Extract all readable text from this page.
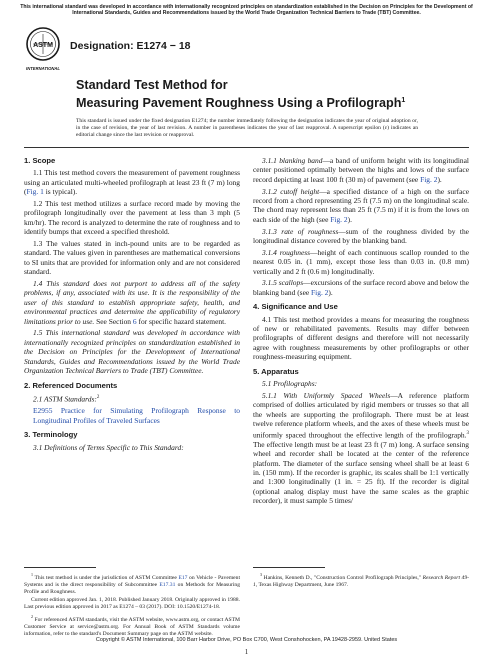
This international standard was developed in accordance with internationally recognized principles on standardization established in the Decision on Principles for the Development of International Standards, Guides and Recommendations issued by the World Trade Organization Technical Barriers to Trade (TBT) Committee.
ASTM
INTERNATIONAL
Designation: E1274 − 18
Standard Test Method for
Measuring Pavement Roughness Using a Profilograph$^1$
This standard is issued under the fixed designation E1274; the number immediately following the designation indicates the year of original adoption or, in the case of revision, the year of last revision. A number in parentheses indicates the year of last reapproval. A superscript epsilon (ε) indicates an editorial change since the last revision or reapproval.
1. Scope

1.1 This test method covers the measurement of pavement roughness using an articulated multi-wheeled profilograph at least 23 ft (7 m) long (Fig. 1 is typical).

1.2 This test method utilizes a surface record made by moving the profilograph longitudinally over the pavement at less than 3 mph (5 km/hr). The record is analyzed to determine the rate of roughness and to identify bumps that exceed a specified threshold.

1.3 The values stated in inch-pound units are to be regarded as standard. The values given in parentheses are mathematical conversions to SI units that are provided for information only and are not considered standard.

1.4 This standard does not purport to address all of the safety problems, if any, associated with its use. It is the responsibility of the user of this standard to establish appropriate safety, health, and environmental practices and determine the applicability of regulatory limitations prior to use. See Section 6 for specific hazard statement.

1.5 This international standard was developed in accordance with internationally recognized principles on standardization established in the Decision on Principles for the Development of International Standards, Guides and Recommendations issued by the World Trade Organization Technical Barriers to Trade (TBT) Committee.

2. Referenced Documents

2.1 ASTM Standards:$^2$

E2955 Practice for Simulating Profilograph Response to Longitudinal Profiles of Traveled Surfaces

3. Terminology

3.1 Definitions of Terms Specific to This Standard:

3.1.1 blanking band—a band of uniform height with its longitudinal center positioned optimally between the highs and lows of the surface record depicting at least 100 ft (30 m) of pavement (see Fig. 2).

3.1.2 cutoff height—a specified distance of a high on the surface record from a chord representing 25 ft (7.5 m) on the longitudinal scale. The chord may represent less than 25 ft (7.5 m) if it is from the lows on each side of the high (see Fig. 2).

3.1.3 rate of roughness—sum of the roughness divided by the longitudinal distance covered by the blanking band.

3.1.4 roughness—height of each continuous scallop rounded to the nearest 0.05 in. (1 mm), except those less than 0.03 in. (0.8 mm) vertically and 2 ft (0.6 m) longitudinally.

3.1.5 scallops—excursions of the surface record above and below the blanking band (see Fig. 2).

4. Significance and Use

4.1 This test method provides a means for measuring the roughness of new or rehabilitated pavements. Results may differ between profilographs of different designs and therefore will not necessarily agree with roughness measurements by other profilographs or other roughness-measuring equipment.

5. Apparatus

5.1 Profilographs:

5.1.1 With Uniformly Spaced Wheels—A reference platform comprised of dollies articulated by rigid members or trusses so that all the wheels are supporting the profilograph. There must be at least twelve reference platform wheels, and the axes of these wheels must be uniformly spaced throughout the effective length of the profilograph.$^3$ The effective length must be at least 23 ft (7 m) long. A surface sensing wheel and recorder shall be located at the center of the reference platform. The diameter of the surface sensing wheel shall be at least 6 in. (150 mm). If the recorder is graphic, its scales shall be 1:1 vertically and 1:300 longitudinally (1 in. = 25 ft). If the recorder is digital (optional analog display must have the same scales as the graphic recorder), it must sample 5 times/

$^1$ This test method is under the jurisdiction of ASTM Committee E17 on Vehicle - Pavement Systems and is the direct responsibility of Subcommittee E17.31 on Methods for Measuring Profile and Roughness.

Current edition approved Jan. 1, 2018. Published January 2018. Originally approved in 1988. Last previous edition approved in 2017 as E1274 – 03 (2017). DOI: 10.1520/E1274-18.

$^2$ For referenced ASTM standards, visit the ASTM website, www.astm.org, or contact ASTM Customer Service at service@astm.org. For Annual Book of ASTM Standards volume information, refer to the standard's Document Summary page on the ASTM website.

$^3$ Hankins, Kenneth D., "Construction Control Profilograph Principles," Research Report 49-1, Texas Highway Department, June 1967.

Copyright © ASTM International, 100 Barr Harbor Drive, PO Box C700, West Conshohocken, PA 19428-2959. United States
1
